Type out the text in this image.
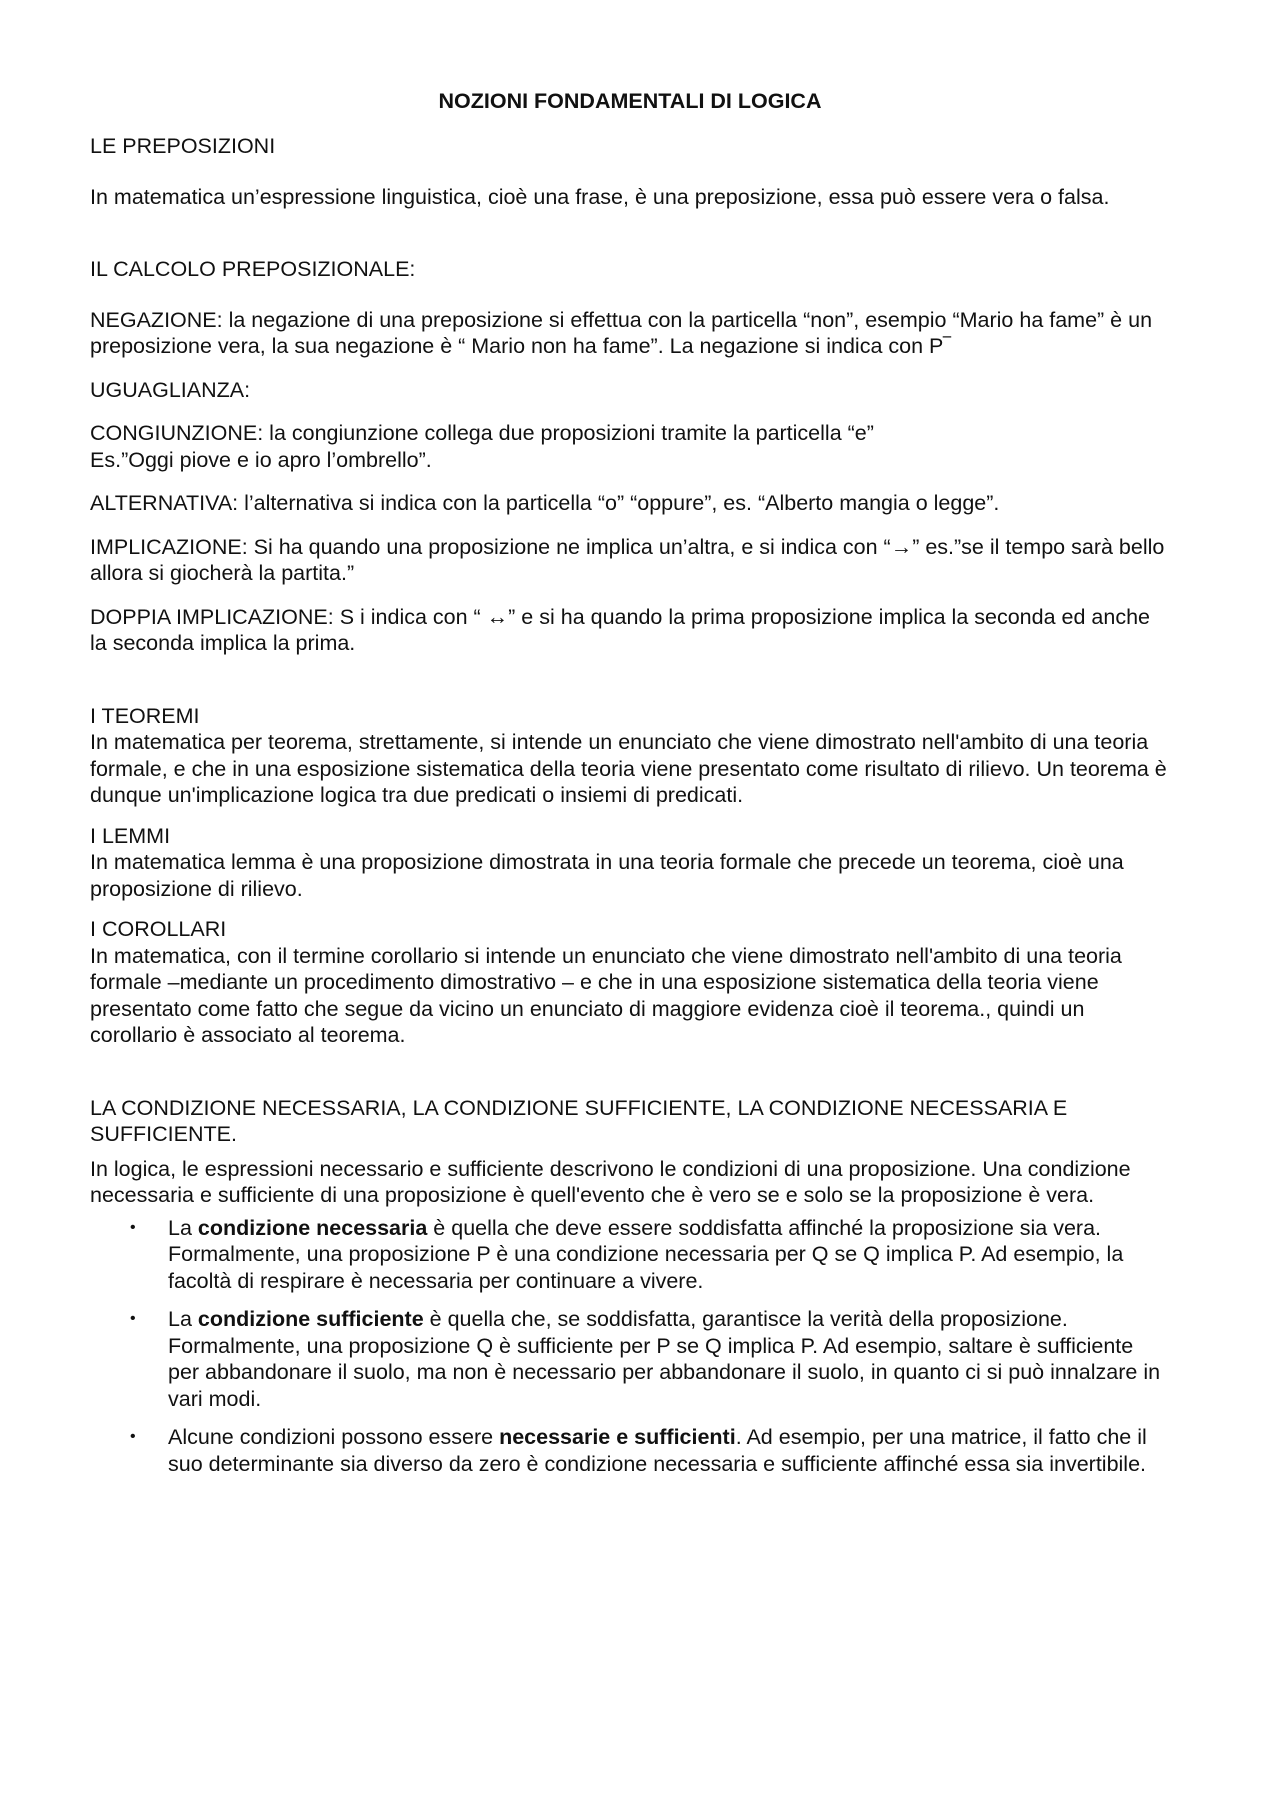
NOZIONI FONDAMENTALI DI LOGICA
LE PREPOSIZIONI
In matematica un’espressione linguistica, cioè una frase, è una preposizione, essa può essere vera o falsa.
IL CALCOLO PREPOSIZIONALE:
NEGAZIONE: la negazione di una preposizione si effettua con la particella “non”, esempio “Mario ha fame” è un preposizione vera, la sua negazione è “ Mario non ha fame”. La negazione si indica con P‾
UGUAGLIANZA:
CONGIUNZIONE: la congiunzione collega due proposizioni tramite la particella “e”
Es.”Oggi piove e io apro l’ombrello”.
ALTERNATIVA: l’alternativa si indica con la particella “o” “oppure”, es. “Alberto mangia o legge”.
IMPLICAZIONE: Si ha quando una proposizione ne implica un’altra, e si indica con “→” es.”se il tempo sarà bello allora si giocherà la partita.”
DOPPIA IMPLICAZIONE: S i indica con “ ↔” e si ha quando la prima proposizione implica la seconda ed anche la seconda implica la prima.
I TEOREMI
In matematica per teorema, strettamente, si intende un enunciato che viene dimostrato nell'ambito di una teoria formale, e che in una esposizione sistematica della teoria viene presentato come risultato di rilievo. Un teorema è dunque un'implicazione logica tra due predicati o insiemi di predicati.
I LEMMI
In matematica lemma è una proposizione dimostrata in una teoria formale che precede un teorema, cioè una proposizione di rilievo.
I COROLLARI
In matematica, con il termine corollario si intende un enunciato che viene dimostrato nell'ambito di una teoria formale –mediante un procedimento dimostrativo – e che in una esposizione sistematica della teoria viene presentato come fatto che segue da vicino un enunciato di maggiore evidenza cioè il teorema., quindi un corollario è associato al teorema.
LA CONDIZIONE NECESSARIA, LA CONDIZIONE SUFFICIENTE, LA CONDIZIONE NECESSARIA E SUFFICIENTE.
In logica, le espressioni necessario e sufficiente descrivono le condizioni di una proposizione. Una condizione necessaria e sufficiente di una proposizione è quell'evento che è vero se e solo se la proposizione è vera.
• La condizione necessaria è quella che deve essere soddisfatta affinché la proposizione sia vera. Formalmente, una proposizione P è una condizione necessaria per Q se Q implica P. Ad esempio, la facoltà di respirare è necessaria per continuare a vivere.
• La condizione sufficiente è quella che, se soddisfatta, garantisce la verità della proposizione. Formalmente, una proposizione Q è sufficiente per P se Q implica P. Ad esempio, saltare è sufficiente per abbandonare il suolo, ma non è necessario per abbandonare il suolo, in quanto ci si può innalzare in vari modi.
• Alcune condizioni possono essere necessarie e sufficienti. Ad esempio, per una matrice, il fatto che il suo determinante sia diverso da zero è condizione necessaria e sufficiente affinché essa sia invertibile.
